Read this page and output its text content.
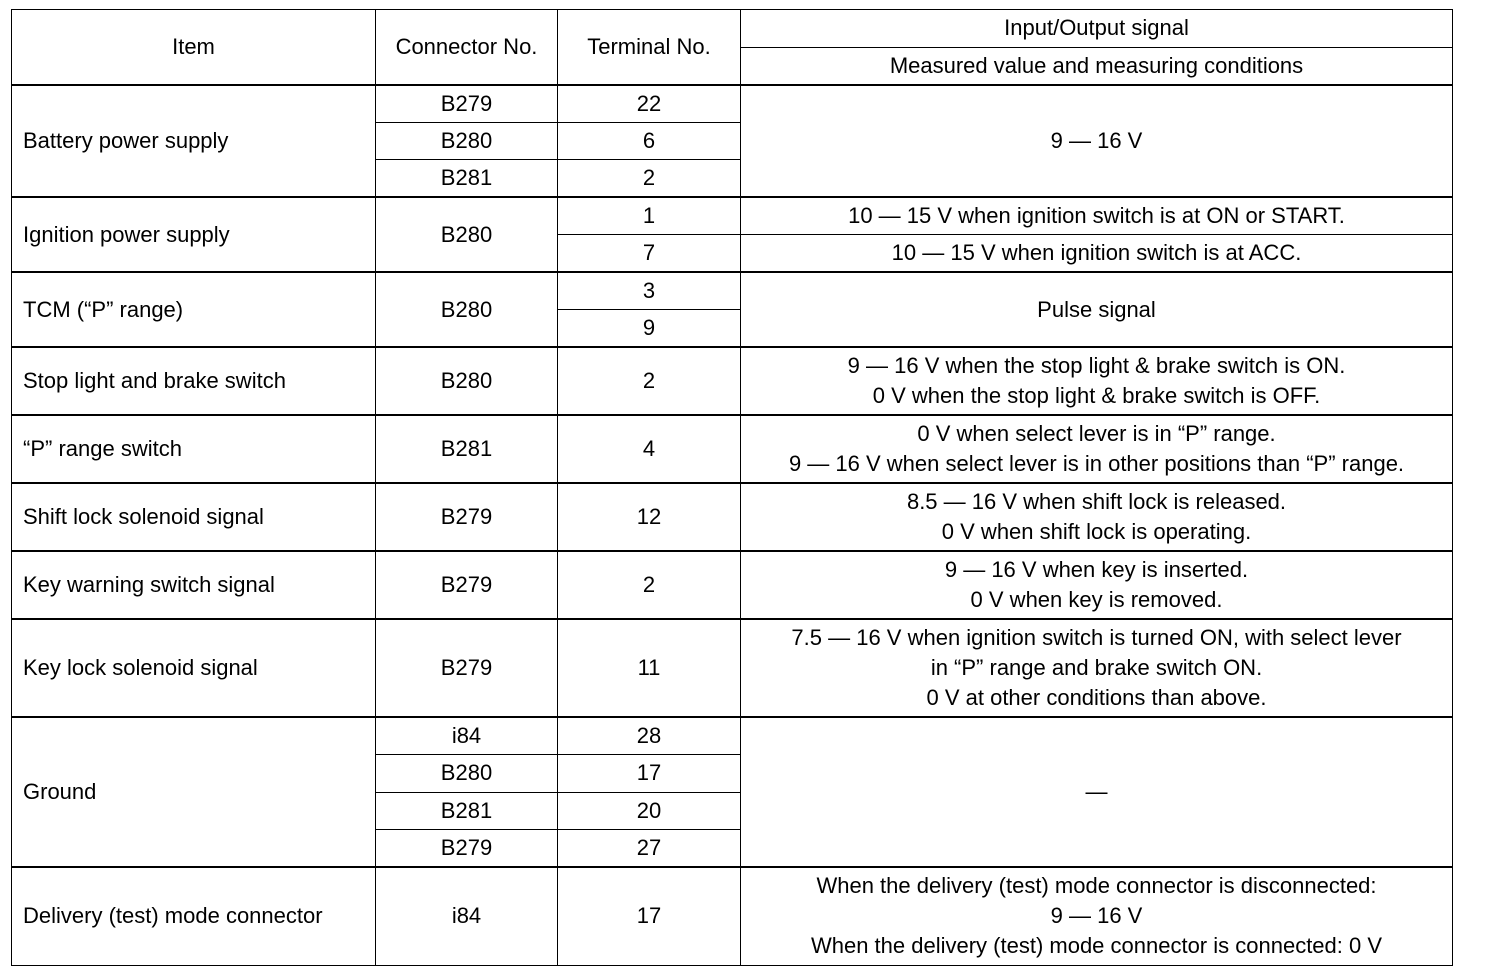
Item	Connector No.	Terminal No.	Input/Output signal
			Measured value and measuring conditions
Battery power supply	B279	22	9 — 16 V
	B280	6	
	B281	2	
Ignition power supply	B280	1	10 — 15 V when ignition switch is at ON or START.
		7	10 — 15 V when ignition switch is at ACC.
TCM (“P” range)	B280	3	Pulse signal
		9	
Stop light and brake switch	B280	2	9 — 16 V when the stop light & brake switch is ON.
0 V when the stop light & brake switch is OFF.

“P” range switch	B281	4	0 V when select lever is in “P” range.
9 — 16 V when select lever is in other positions than “P” range.

Shift lock solenoid signal	B279	12	8.5 — 16 V when shift lock is released.
0 V when shift lock is operating.

Key warning switch signal	B279	2	9 — 16 V when key is inserted.
0 V when key is removed.

Key lock solenoid signal	B279	11	7.5 — 16 V when ignition switch is turned ON, with select lever
in “P” range and brake switch ON.
0 V at other conditions than above.

Ground	i84	28	—
	B280	17	
	B281	20	
	B279	27	
Delivery (test) mode connector	i84	17	When the delivery (test) mode connector is disconnected:
9 — 16 V
When the delivery (test) mode connector is connected: 0 V
